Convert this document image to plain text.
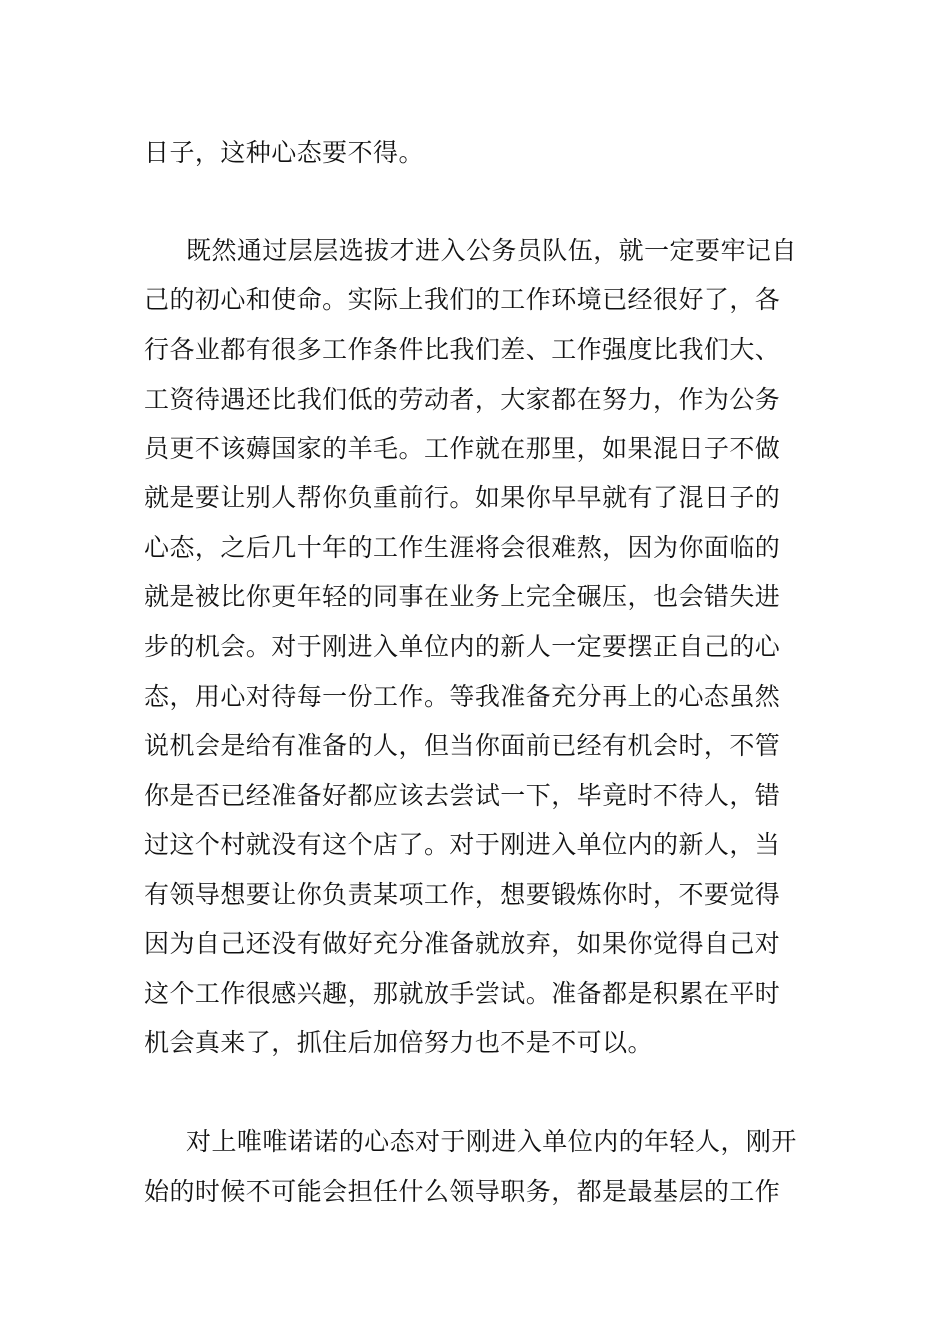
日子，这种心态要不得。

既然通过层层选拔才进入公务员队伍，就一定要牢记自

己的初心和使命。实际上我们的工作环境已经很好了，各

行各业都有很多工作条件比我们差、工作强度比我们大、

工资待遇还比我们低的劳动者，大家都在努力，作为公务

员更不该薅国家的羊毛。工作就在那里，如果混日子不做

就是要让别人帮你负重前行。如果你早早就有了混日子的

心态，之后几十年的工作生涯将会很难熬，因为你面临的

就是被比你更年轻的同事在业务上完全碾压，也会错失进

步的机会。对于刚进入单位内的新人一定要摆正自己的心

态，用心对待每一份工作。等我准备充分再上的心态虽然

说机会是给有准备的人，但当你面前已经有机会时，不管

你是否已经准备好都应该去尝试一下，毕竟时不待人，错

过这个村就没有这个店了。对于刚进入单位内的新人，当

有领导想要让你负责某项工作，想要锻炼你时，不要觉得

因为自己还没有做好充分准备就放弃，如果你觉得自己对

这个工作很感兴趣，那就放手尝试。准备都是积累在平时

机会真来了，抓住后加倍努力也不是不可以。

对上唯唯诺诺的心态对于刚进入单位内的年轻人，刚开

始的时候不可能会担任什么领导职务，都是最基层的工作
